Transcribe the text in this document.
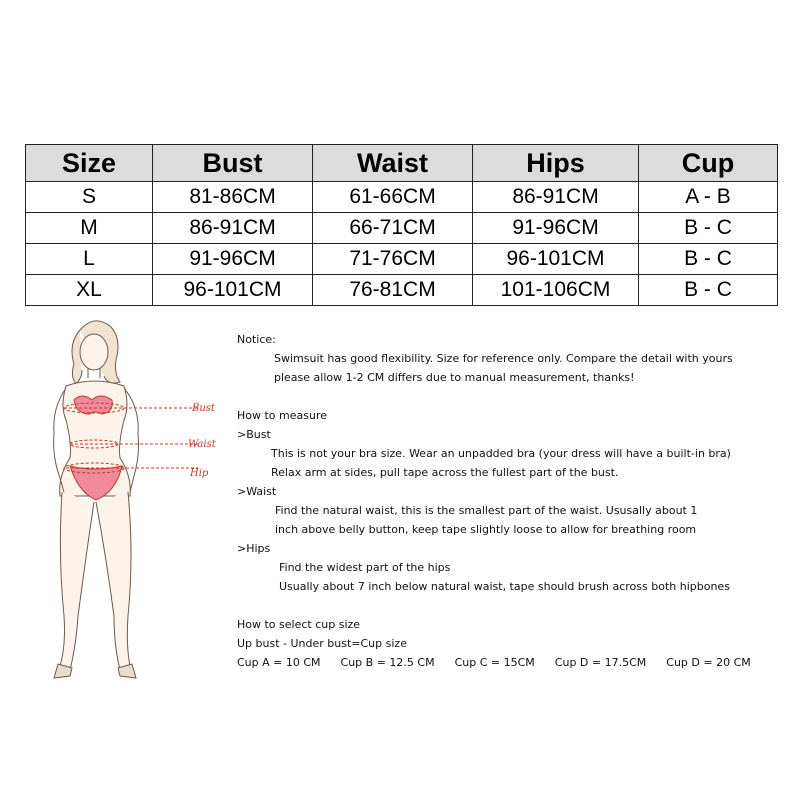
Size	Bust	Waist	Hips	Cup
S	81-86CM	61-66CM	86-91CM	A - B
M	86-91CM	66-71CM	91-96CM	B - C
L	91-96CM	71-76CM	96-101CM	B - C
XL	96-101CM	76-81CM	101-106CM	B - C
Bust
Waist
Hip

Notice:

Swimsuit has good flexibility. Size for reference only. Compare the detail with yours

please allow 1-2 CM differs due to manual measurement, thanks!

How to measure

>Bust

This is not your bra size. Wear an unpadded bra (your dress will have a built-in bra)

Relax arm at sides, pull tape across the fullest part of the bust.

>Waist

Find the natural waist, this is the smallest part of the waist. Ususally about 1

inch above belly button, keep tape slightly loose to allow for breathing room

>Hips

Find the widest part of the hips

Usually about 7 inch below natural waist, tape should brush across both hipbones

How to select cup size

Up bust - Under bust=Cup size

Cup A = 10 CM Cup B = 12.5 CM Cup C = 15CM Cup D = 17.5CM Cup D = 20 CM
